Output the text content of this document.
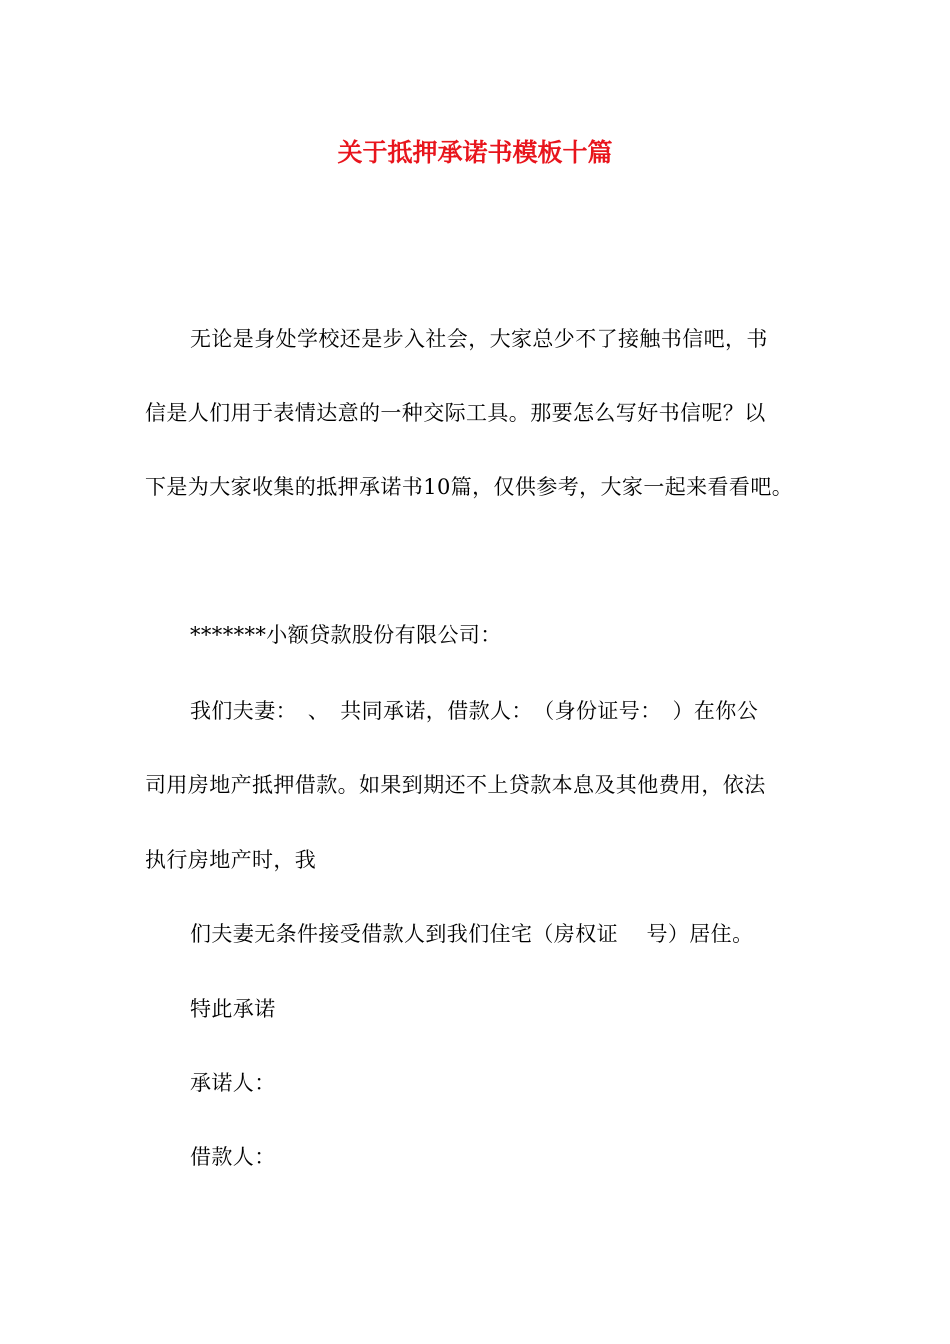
关于抵押承诺书模板十篇
无论是身处学校还是步入社会，大家总少不了接触书信吧，书
信是人们用于表情达意的一种交际工具。那要怎么写好书信呢？以
下是为大家收集的抵押承诺书10篇，仅供参考，大家一起来看看吧。
*******小额贷款股份有限公司：
我们夫妻：　、　共同承诺，借款人：　（身份证号：　）在你公
司用房地产抵押借款。如果到期还不上贷款本息及其他费用，依法
执行房地产时，我
们夫妻无条件接受借款人到我们住宅（房权证　 号）居住。
特此承诺
承诺人：
借款人：
